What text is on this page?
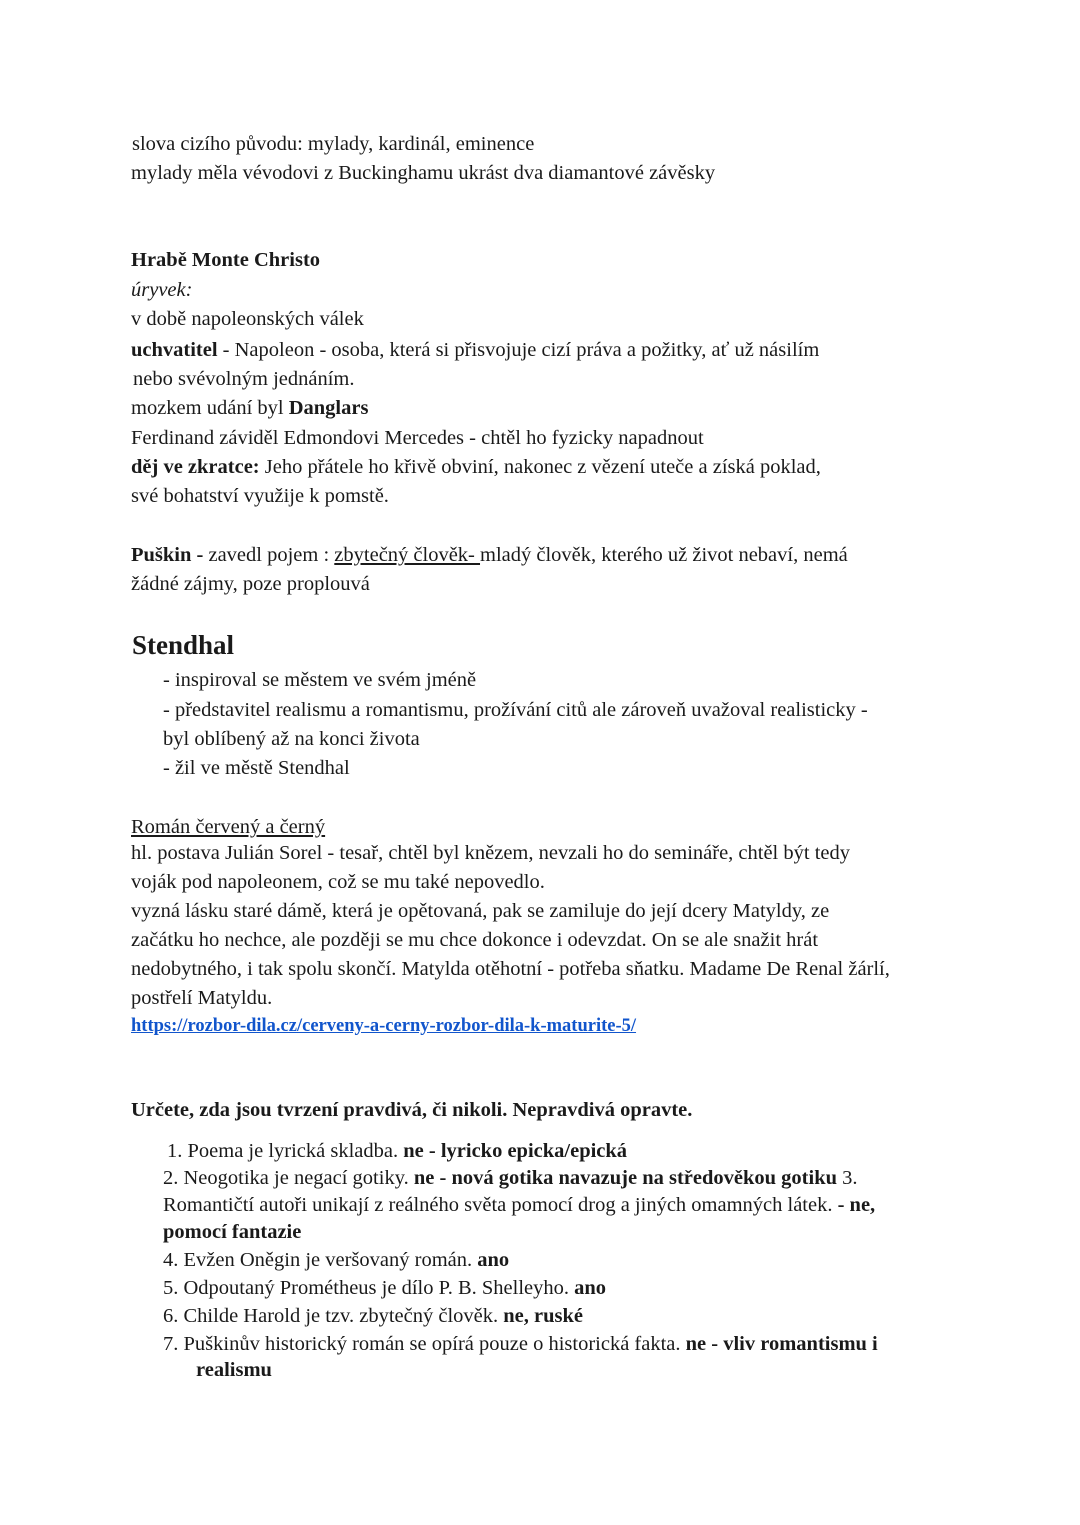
slova cizího původu: mylady, kardinál, eminence
mylady měla vévodovi z Buckinghamu ukrást dva diamantové závěsky
Hrabě Monte Christo
úryvek:
v době napoleonských válek
uchvatitel - Napoleon - osoba, která si přisvojuje cizí práva a požitky, ať už násilím
nebo svévolným jednáním.
mozkem udání byl Danglars
Ferdinand záviděl Edmondovi Mercedes - chtěl ho fyzicky napadnout
děj ve zkratce: Jeho přátele ho křivě obviní, nakonec z vězení uteče a získá poklad,
své bohatství využije k pomstě.
Puškin - zavedl pojem : zbytečný člověk- mladý člověk, kterého už život nebaví, nemá
žádné zájmy, poze proplouvá
Stendhal
- inspiroval se městem ve svém jméně
- představitel realismu a romantismu, prožívání citů ale zároveň uvažoval realisticky -
byl oblíbený až na konci života
- žil ve městě Stendhal
Román červený a černý
hl. postava Julián Sorel - tesař, chtěl byl knězem, nevzali ho do semináře, chtěl být tedy
voják pod napoleonem, což se mu také nepovedlo.
vyzná lásku staré dámě, která je opětovaná, pak se zamiluje do její dcery Matyldy, ze
začátku ho nechce, ale později se mu chce dokonce i odevzdat. On se ale snažit hrát
nedobytného, i tak spolu skončí. Matylda otěhotní - potřeba sňatku. Madame De Renal žárlí,
postřelí Matyldu.
https://rozbor-dila.cz/cerveny-a-cerny-rozbor-dila-k-maturite-5/
Určete, zda jsou tvrzení pravdivá, či nikoli. Nepravdivá opravte.
1. Poema je lyrická skladba. ne - lyricko epicka/epická
2. Neogotika je negací gotiky. ne - nová gotika navazuje na středověkou gotiku 3.
Romantičtí autoři unikají z reálného světa pomocí drog a jiných omamných látek. - ne,
pomocí fantazie
4. Evžen Oněgin je veršovaný román. ano
5. Odpoutaný Prométheus je dílo P. B. Shelleyho. ano
6. Childe Harold je tzv. zbytečný člověk. ne, ruské
7. Puškinův historický román se opírá pouze o historická fakta. ne - vliv romantismu i
realismu
